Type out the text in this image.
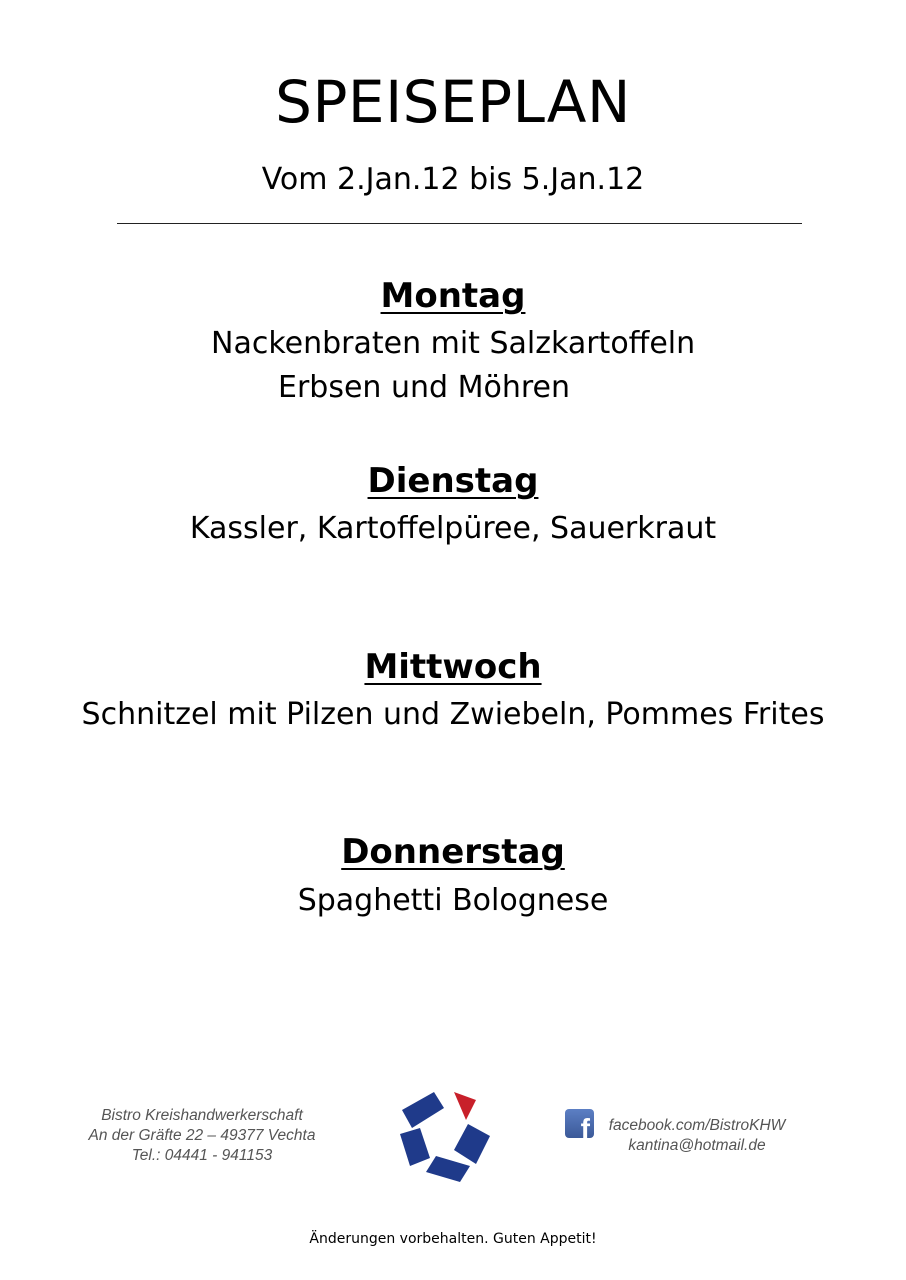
SPEISEPLAN
Vom 2.Jan.12 bis 5.Jan.12
Montag
Nackenbraten mit Salzkartoffeln
Erbsen und Möhren
Dienstag
Kassler, Kartoffelpüree, Sauerkraut
Mittwoch
Schnitzel mit Pilzen und Zwiebeln, Pommes Frites
Donnerstag
Spaghetti Bolognese
Bistro Kreishandwerkerschaft
An der Gräfte 22 – 49377 Vechta
Tel.: 04441 - 941153
f	facebook.com/BistroKHW
kantina@hotmail.de
Änderungen vorbehalten. Guten Appetit!
